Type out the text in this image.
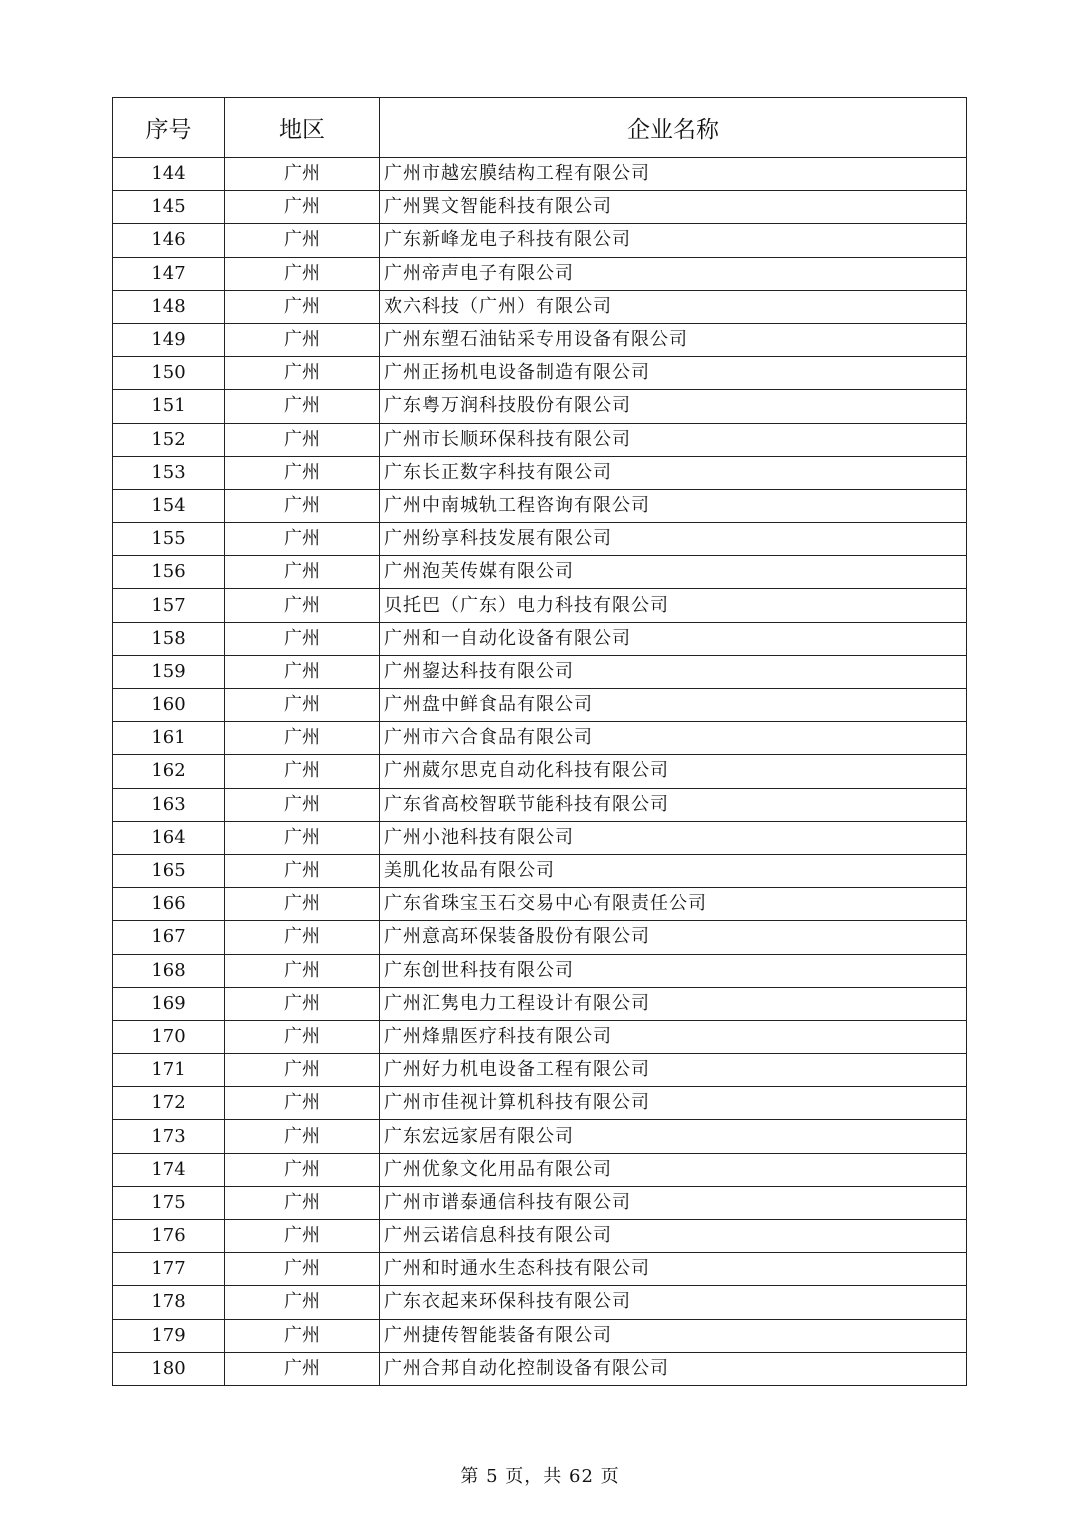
序号	地区	企业名称
144	广州	广州市越宏膜结构工程有限公司
145	广州	广州巽文智能科技有限公司
146	广州	广东新峰龙电子科技有限公司
147	广州	广州帝声电子有限公司
148	广州	欢六科技（广州）有限公司
149	广州	广州东塑石油钻采专用设备有限公司
150	广州	广州正扬机电设备制造有限公司
151	广州	广东粤万润科技股份有限公司
152	广州	广州市长顺环保科技有限公司
153	广州	广东长正数字科技有限公司
154	广州	广州中南城轨工程咨询有限公司
155	广州	广州纷享科技发展有限公司
156	广州	广州泡芙传媒有限公司
157	广州	贝托巴（广东）电力科技有限公司
158	广州	广州和一自动化设备有限公司
159	广州	广州鋆达科技有限公司
160	广州	广州盘中鲜食品有限公司
161	广州	广州市六合食品有限公司
162	广州	广州葳尔思克自动化科技有限公司
163	广州	广东省高校智联节能科技有限公司
164	广州	广州小池科技有限公司
165	广州	美肌化妆品有限公司
166	广州	广东省珠宝玉石交易中心有限责任公司
167	广州	广州意高环保装备股份有限公司
168	广州	广东创世科技有限公司
169	广州	广州汇隽电力工程设计有限公司
170	广州	广州烽鼎医疗科技有限公司
171	广州	广州好力机电设备工程有限公司
172	广州	广州市佳视计算机科技有限公司
173	广州	广东宏远家居有限公司
174	广州	广州优象文化用品有限公司
175	广州	广州市谱泰通信科技有限公司
176	广州	广州云诺信息科技有限公司
177	广州	广州和时通水生态科技有限公司
178	广州	广东衣起来环保科技有限公司
179	广州	广州捷传智能装备有限公司
180	广州	广州合邦自动化控制设备有限公司
第 5 页，共 62 页
